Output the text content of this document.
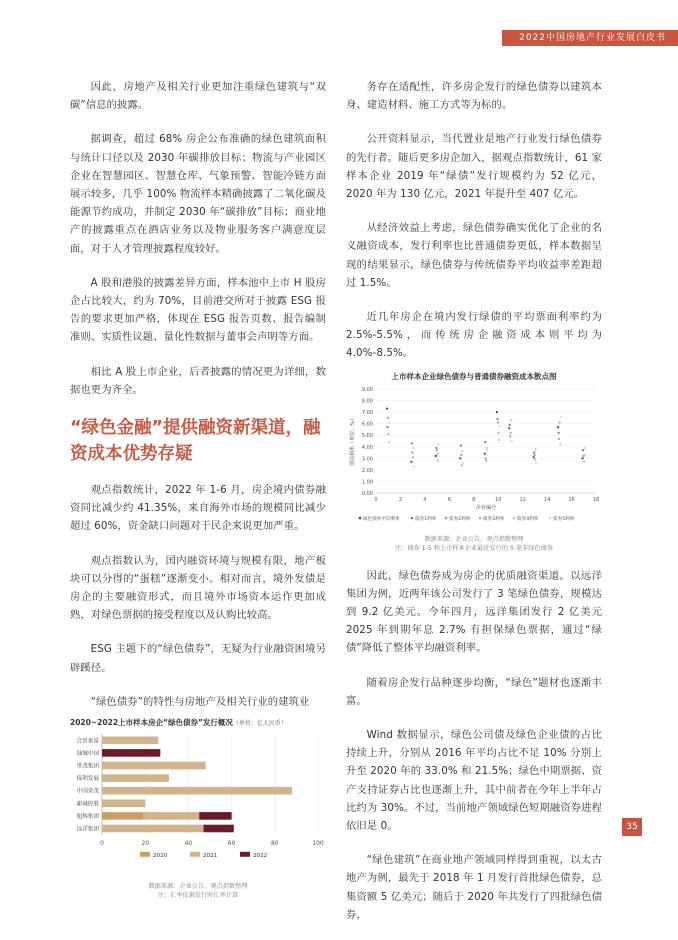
2022中国房地产行业发展白皮书

因此，房地产及相关行业更加注重绿色建筑与“双碳”信息的披露。

据调查，超过 68% 房企公布准确的绿色建筑面积与统计口径以及 2030 年碳排放目标；物流与产业园区企业在智慧园区、智慧仓库、气象预警、智能冷链方面展示较多，几乎 100% 物流样本精确披露了二氧化碳及能源节约成功，并制定 2030 年“碳排放”目标；商业地产的披露重点在酒店业务以及物业服务客户满意度层面，对于人才管理披露程度较好。

A 股和港股的披露差异方面，样本池中上市 H 股房企占比较大，约为 70%，目前港交所对于披露 ESG 报告的要求更加严格，体现在 ESG 报告页数、报告编制准则、实质性议题、量化性数据与董事会声明等方面。

相比 A 股上市企业，后者披露的情况更为详细，数据也更为齐全。

“绿色金融”提供融资新渠道，融资成本优势存疑

观点指数统计，2022 年 1-6 月，房企境内债券融资同比减少约 41.35%，来自海外市场的规模同比减少超过 60%，资金缺口问题对于民企来说更加严重。

观点指数认为，国内融资环境与规模有限，地产板块可以分得的“蛋糕”逐渐变小。相对而言，境外发债是房企的主要融资形式，而且境外市场资本运作更加成熟，对绿色票据的接受程度以及认购比较高。

ESG 主题下的“绿色债券”，无疑为行业融资困境另辟蹊径。

“绿色债券”的特性与房地产及相关行业的建筑业

2020~2022上市样本房企“绿色债券”发行概况（单位：亿人民币）
0	20	40	60	80	100
合景泰富
绿城中国
世茂集团
保利发展
中国金茂
新城控股
旭辉集团
远洋集团
2020	2021	2022
数据来源：企业公告，观点指数整理
注：汇率依据发行时汇率计算

务存在适配性，许多房企发行的绿色债券以建筑本身、建造材料、施工方式等为标的。

公开资料显示，当代置业是地产行业发行绿色债券的先行者。随后更多房企加入，据观点指数统计，61 家样本企业 2019 年“绿债”发行规模约为 52 亿元，2020 年为 130 亿元，2021 年提升至 407 亿元。

从经济效益上考虑，绿色债券确实优化了企业的名义融资成本，发行利率也比普通债券更低，样本数据呈现的结果显示，绿色债券与传统债券平均收益率差距超过 1.5%。

近几年房企在境内发行绿债的平均票面利率约为 2.5%-5.5%，而传统房企融资成本则平均为 4.0%-8.5%。

上市样本企业绿色债券与普通债券融资成本散点图
0.00
1.00
2.00
3.00
4.00
5.00
6.00
7.00
8.00
9.00
0	2	4	6	8	10	12	14	16	18
企业编号
票面利率（单位：%）
绿色债券平均利率	债券1利率	债券2利率	债券3利率	债券4利率	债券5利率
数据来源：企业公告，观点指数整理
注：债券 1-5 和上市样本企业最近发行的 5 笔非绿色债券

因此，绿色债券成为房企的优质融资渠道。以远洋集团为例，近两年该公司发行了 3 笔绿色债券，规模达到 9.2 亿美元。今年四月，远洋集团发行 2 亿美元 2025 年到期年息 2.7% 有担保绿色票据，通过“绿债”降低了整体平均融资利率。

随着房企发行品种逐步均衡，“绿色”题材也逐渐丰富。

Wind 数据显示，绿色公司债及绿色企业债的占比持续上升，分别从 2016 年平均占比不足 10% 分别上升至 2020 年的 33.0% 和 21.5%；绿色中期票据、资产支持证券占比也逐渐上升，其中前者在今年上半年占比约为 30%。不过，当前地产领域绿色短期融资券进程依旧是 0。

“绿色建筑”在商业地产领域同样得到重视，以太古地产为例，最先于 2018 年 1 月发行首批绿色债券，总集资额 5 亿美元；随后于 2020 年共发行了四批绿色债券，

35
